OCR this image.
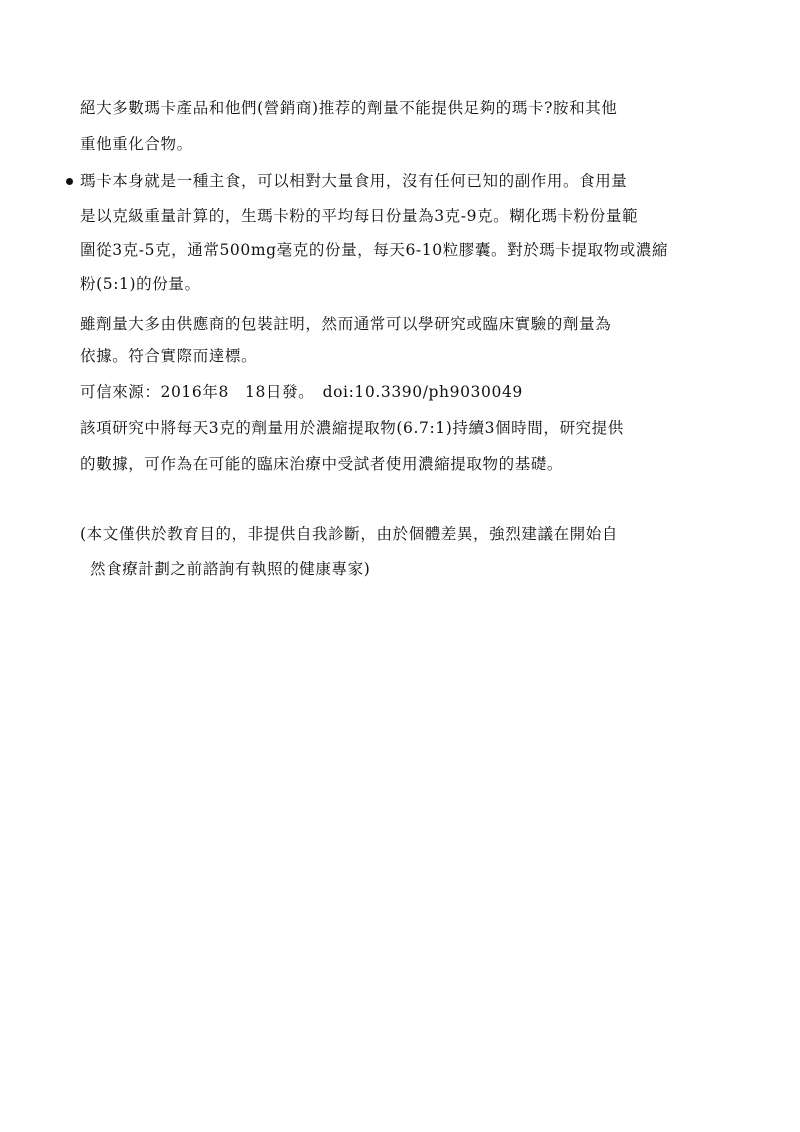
絕大多數瑪卡產品和他們(營銷商)推荐的劑量不能提供足夠的瑪卡?胺和其他
重他重化合物。
瑪卡本身就是一種主食，可以相對大量食用，沒有任何已知的副作用。食用量
是以克級重量計算的，生瑪卡粉的平均每日份量為3克-9克。糊化瑪卡粉份量範
圍從3克-5克，通常500mg毫克的份量，每天6-10粒膠囊。對於瑪卡提取物或濃縮
粉(5:1)的份量。
雖劑量大多由供應商的包裝註明，然而通常可以學研究或臨床實驗的劑量為
依據。符合實際而達標。
可信來源：2016年8　18日發。　doi:10.3390/ph9030049
該項研究中將每天3克的劑量用於濃縮提取物(6.7:1)持續3個時間，研究提供
的數據，可作為在可能的臨床治療中受試者使用濃縮提取物的基礎。
(本文僅供於教育目的，非提供自我診斷，由於個體差異，強烈建議在開始自
然食療計劃之前諮詢有執照的健康專家)
